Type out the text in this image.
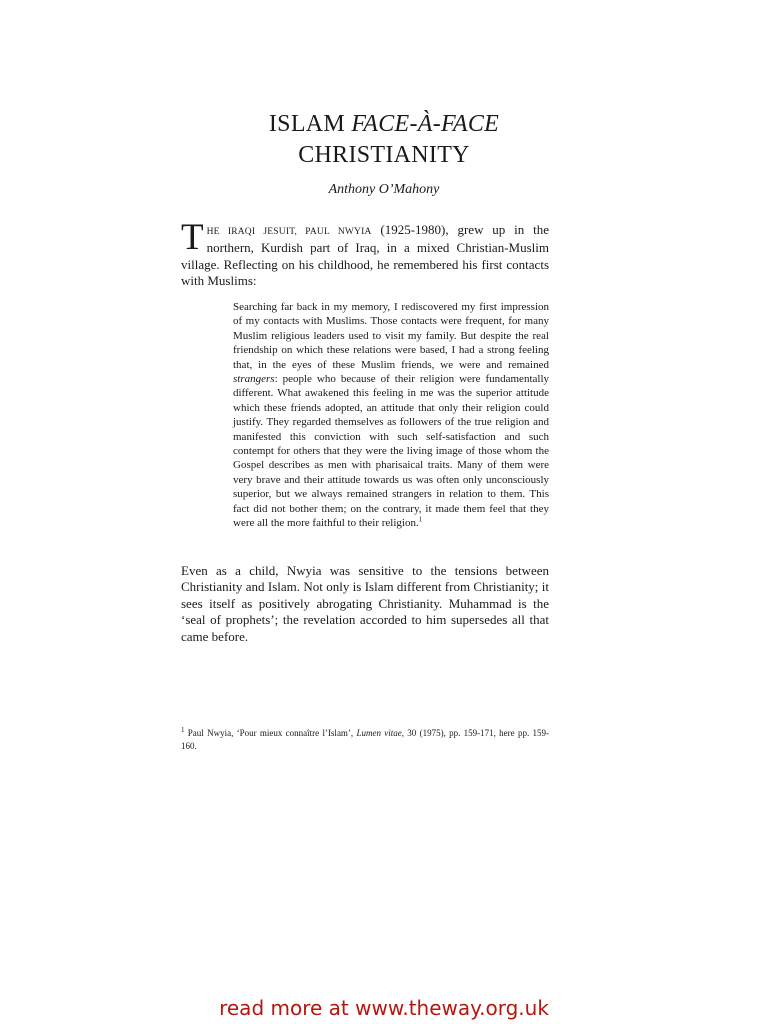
ISLAM FACE-À-FACE
CHRISTIANITY
Anthony O’Mahony

THE IRAQI JESUIT, PAUL NWYIA (1925-1980), grew up in the northern, Kurdish part of Iraq, in a mixed Christian-Muslim village. Reflecting on his childhood, he remembered his first contacts with Muslims:

Searching far back in my memory, I rediscovered my first impression of my contacts with Muslims. Those contacts were frequent, for many Muslim religious leaders used to visit my family. But despite the real friendship on which these relations were based, I had a strong feeling that, in the eyes of these Muslim friends, we were and remained strangers: people who because of their religion were fundamentally different. What awakened this feeling in me was the superior attitude which these friends adopted, an attitude that only their religion could justify. They regarded themselves as followers of the true religion and manifested this conviction with such self-satisfaction and such contempt for others that they were the living image of those whom the Gospel describes as men with pharisaical traits. Many of them were very brave and their attitude towards us was often only unconsciously superior, but we always remained strangers in relation to them. This fact did not bother them; on the contrary, it made them feel that they were all the more faithful to their religion.$^1$

Even as a child, Nwyia was sensitive to the tensions between Christianity and Islam. Not only is Islam different from Christianity; it sees itself as positively abrogating Christianity. Muhammad is the ‘seal of prophets’; the revelation accorded to him supersedes all that came before.

$^1$ Paul Nwyia, ‘Pour mieux connaître l’Islam’, Lumen vitae, 30 (1975), pp. 159-171, here pp. 159-160.

read more at www.theway.org.uk
